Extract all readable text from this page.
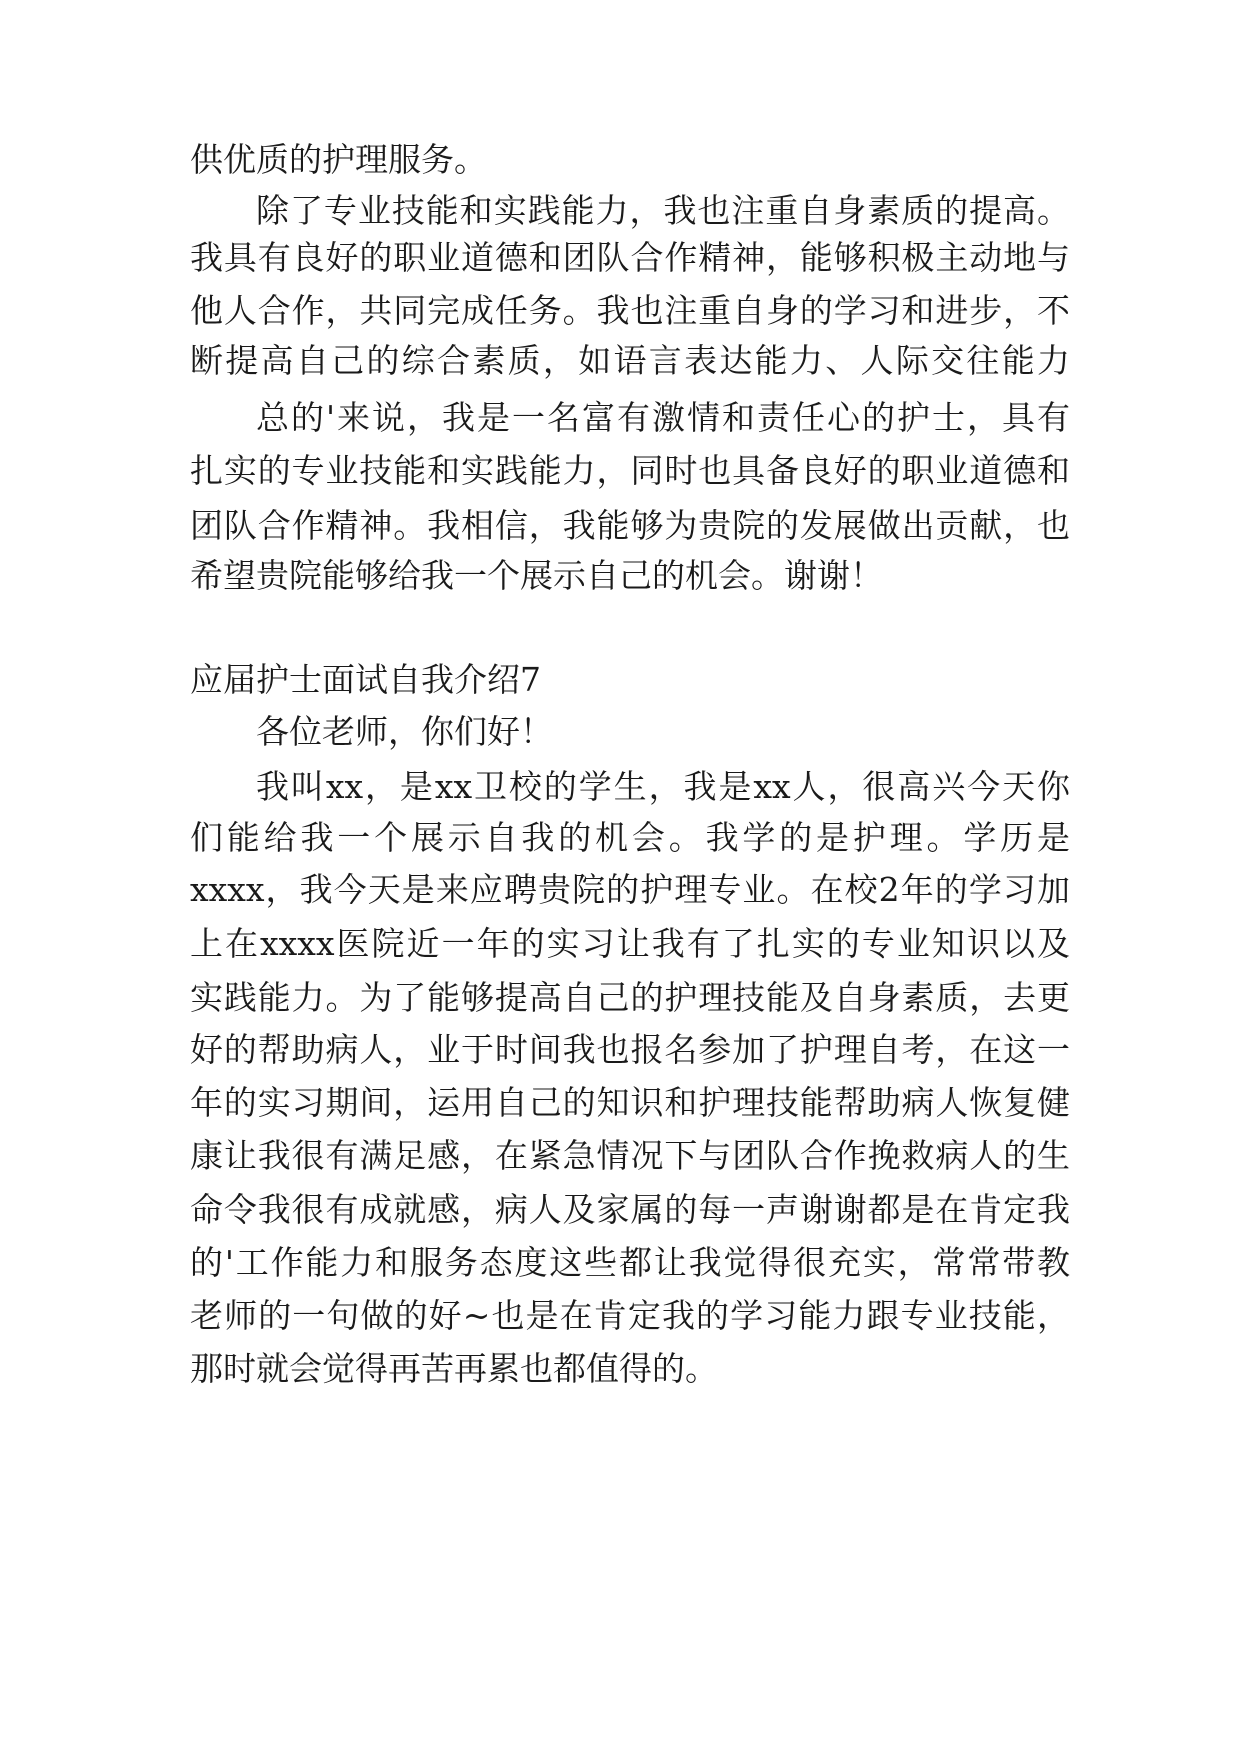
供优质的护理服务。
除了专业技能和实践能力，我也注重自身素质的提高。
我具有良好的职业道德和团队合作精神，能够积极主动地与
他人合作，共同完成任务。我也注重自身的学习和进步，不
断提高自己的综合素质，如语言表达能力、人际交往能力
总的'来说，我是一名富有激情和责任心的护士，具有
扎实的专业技能和实践能力，同时也具备良好的职业道德和
团队合作精神。我相信，我能够为贵院的发展做出贡献，也
希望贵院能够给我一个展示自己的机会。谢谢！
应届护士面试自我介绍7
各位老师，你们好！
我叫xx，是xx卫校的学生，我是xx人，很高兴今天你
们能给我一个展示自我的机会。我学的是护理。学历是
xxxx，我今天是来应聘贵院的护理专业。在校2年的学习加
上在xxxx医院近一年的实习让我有了扎实的专业知识以及
实践能力。为了能够提高自己的护理技能及自身素质，去更
好的帮助病人，业于时间我也报名参加了护理自考，在这一
年的实习期间，运用自己的知识和护理技能帮助病人恢复健
康让我很有满足感，在紧急情况下与团队合作挽救病人的生
命令我很有成就感，病人及家属的每一声谢谢都是在肯定我
的'工作能力和服务态度这些都让我觉得很充实，常常带教
老师的一句做的好~也是在肯定我的学习能力跟专业技能，
那时就会觉得再苦再累也都值得的。
